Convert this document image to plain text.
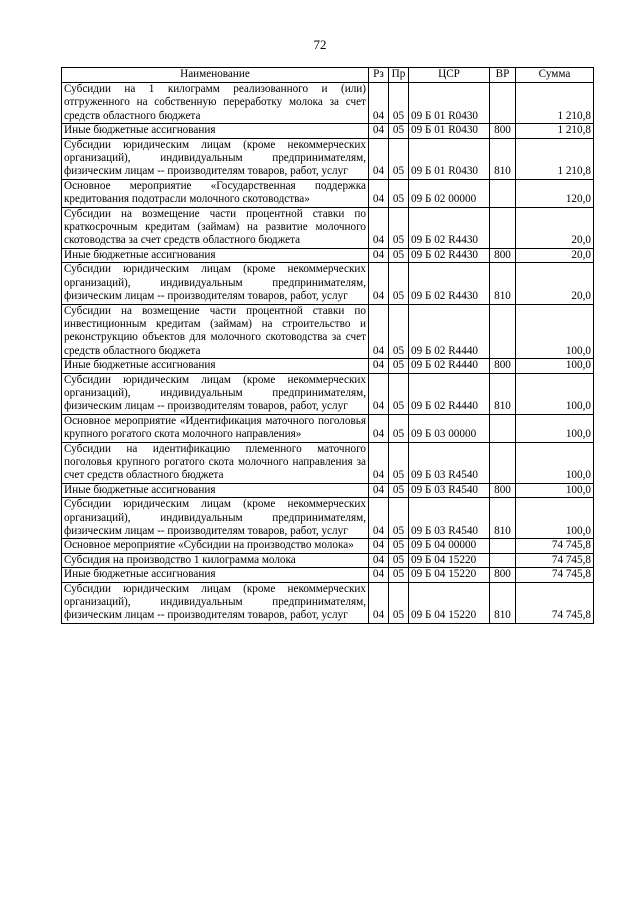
72
Наименование	Рз	Пр	ЦСР	ВР	Сумма
Субсидии на 1 килограмм реализованного и (или) отгруженного на собственную переработку молока за счет средств областного бюджета	04	05	09 Б 01 R0430		1 210,8
Иные бюджетные ассигнования	04	05	09 Б 01 R0430	800	1 210,8
Субсидии юридическим лицам (кроме некоммерческих организаций), индивидуальным предпринимателям, физическим лицам -- производителям товаров, работ, услуг	04	05	09 Б 01 R0430	810	1 210,8
Основное мероприятие «Государственная поддержка кредитования подотрасли молочного скотоводства»	04	05	09 Б 02 00000		120,0
Субсидии на возмещение части процентной ставки по краткосрочным кредитам (займам) на развитие молочного скотоводства за счет средств областного бюджета	04	05	09 Б 02 R4430		20,0
Иные бюджетные ассигнования	04	05	09 Б 02 R4430	800	20,0
Субсидии юридическим лицам (кроме некоммерческих организаций), индивидуальным предпринимателям, физическим лицам -- производителям товаров, работ, услуг	04	05	09 Б 02 R4430	810	20,0
Субсидии на возмещение части процентной ставки по инвестиционным кредитам (займам) на строительство и реконструкцию объектов для молочного скотоводства за счет средств областного бюджета	04	05	09 Б 02 R4440		100,0
Иные бюджетные ассигнования	04	05	09 Б 02 R4440	800	100,0
Субсидии юридическим лицам (кроме некоммерческих организаций), индивидуальным предпринимателям, физическим лицам -- производителям товаров, работ, услуг	04	05	09 Б 02 R4440	810	100,0
Основное мероприятие «Идентификация маточного поголовья крупного рогатого скота молочного направления»	04	05	09 Б 03 00000		100,0
Субсидии на идентификацию племенного маточного поголовья крупного рогатого скота молочного направления за счет средств областного бюджета	04	05	09 Б 03 R4540		100,0
Иные бюджетные ассигнования	04	05	09 Б 03 R4540	800	100,0
Субсидии юридическим лицам (кроме некоммерческих организаций), индивидуальным предпринимателям, физическим лицам -- производителям товаров, работ, услуг	04	05	09 Б 03 R4540	810	100,0
Основное мероприятие «Субсидии на производство молока»	04	05	09 Б 04 00000		74 745,8
Субсидия на производство 1 килограмма молока	04	05	09 Б 04 15220		74 745,8
Иные бюджетные ассигнования	04	05	09 Б 04 15220	800	74 745,8
Субсидии юридическим лицам (кроме некоммерческих организаций), индивидуальным предпринимателям, физическим лицам -- производителям товаров, работ, услуг	04	05	09 Б 04 15220	810	74 745,8
